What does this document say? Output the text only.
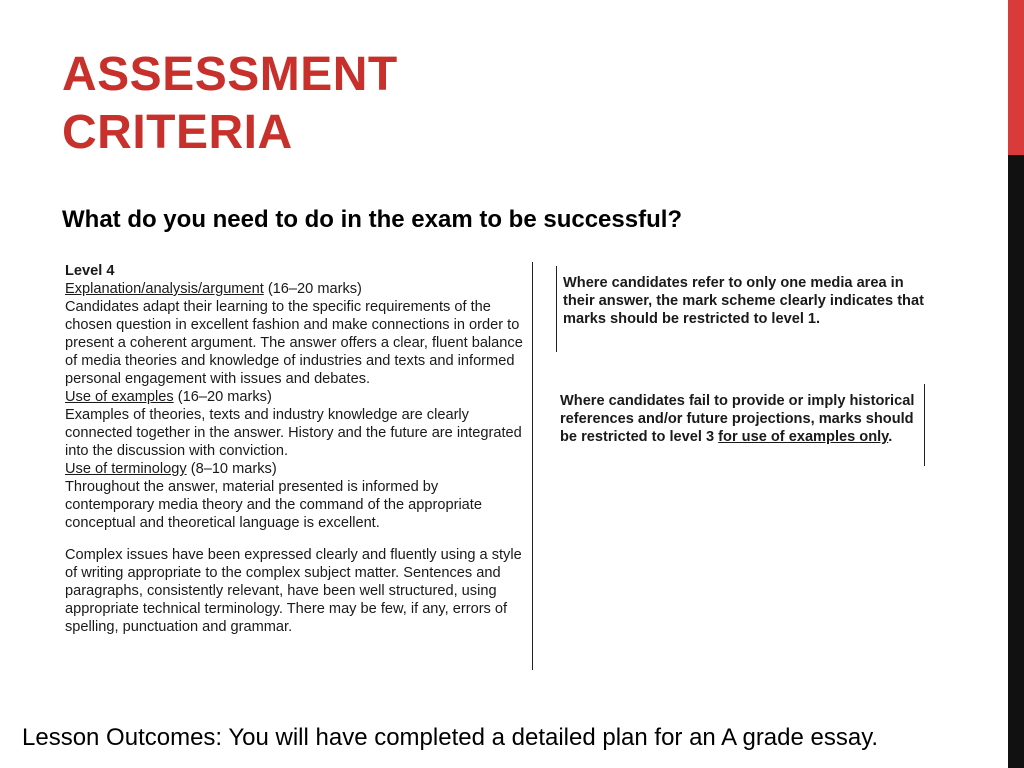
ASSESSMENT
CRITERIA

What do you need to do in the exam to be successful?

Level 4

Explanation/analysis/argument (16–20 marks)

Candidates adapt their learning to the specific requirements of the chosen question in excellent fashion and make connections in order to present a coherent argument. The answer offers a clear, fluent balance of media theories and knowledge of industries and texts and informed personal engagement with issues and debates.

Use of examples (16–20 marks)

Examples of theories, texts and industry knowledge are clearly connected together in the answer. History and the future are integrated into the discussion with conviction.

Use of terminology (8–10 marks)

Throughout the answer, material presented is informed by contemporary media theory and the command of the appropriate conceptual and theoretical language is excellent.

Complex issues have been expressed clearly and fluently using a style of writing appropriate to the complex subject matter. Sentences and paragraphs, consistently relevant, have been well structured, using appropriate technical terminology. There may be few, if any, errors of spelling, punctuation and grammar.

Where candidates refer to only one media area in their answer, the mark scheme clearly indicates that marks should be restricted to level 1.

Where candidates fail to provide or imply historical references and/or future projections, marks should be restricted to level 3 for use of examples only.

Lesson Outcomes: You will have completed a detailed plan for an A grade essay.
